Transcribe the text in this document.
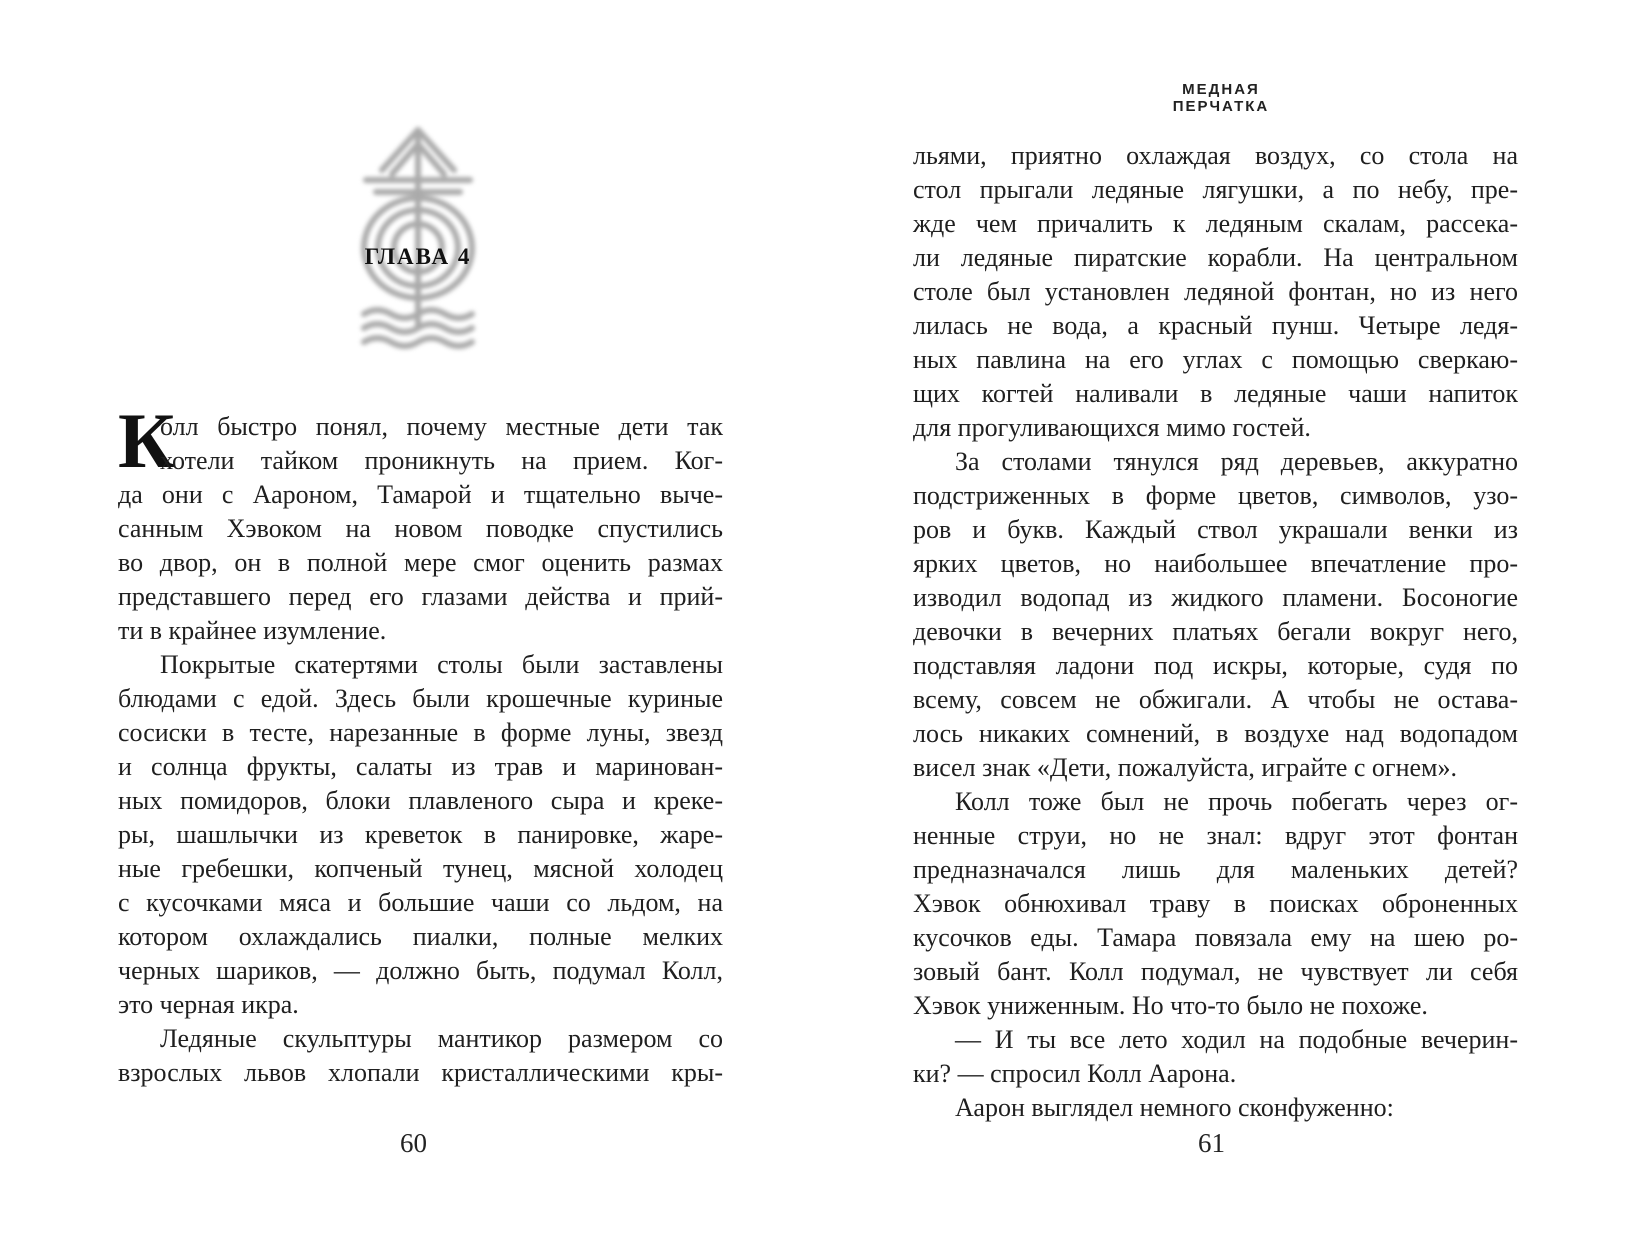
ГЛАВА 4
К
олл быстро понял, почему местные дети так
хотели тайком проникнуть на прием. Ког-
да они с Аароном, Тамарой и тщательно выче-
санным Хэвоком на новом поводке спустились
во двор, он в полной мере смог оценить размах
представшего перед его глазами действа и прий-
ти в крайнее изумление.
Покрытые скатертями столы были заставлены
блюдами с едой. Здесь были крошечные куриные
сосиски в тесте, нарезанные в форме луны, звезд
и солнца фрукты, салаты из трав и маринован-
ных помидоров, блоки плавленого сыра и креке-
ры, шашлычки из креветок в панировке, жаре-
ные гребешки, копченый тунец, мясной холодец
с кусочками мяса и большие чаши со льдом, на
котором охлаждались пиалки, полные мелких
черных шариков, — должно быть, подумал Колл,
это черная икра.
Ледяные скульптуры мантикор размером со
взрослых львов хлопали кристаллическими кры-
60
МЕДНАЯ ПЕРЧАТКА
льями, приятно охлаждая воздух, со стола на
стол прыгали ледяные лягушки, а по небу, пре-
жде чем причалить к ледяным скалам, рассека-
ли ледяные пиратские корабли. На центральном
столе был установлен ледяной фонтан, но из него
лилась не вода, а красный пунш. Четыре ледя-
ных павлина на его углах с помощью сверкаю-
щих когтей наливали в ледяные чаши напиток
для прогуливающихся мимо гостей.
За столами тянулся ряд деревьев, аккуратно
подстриженных в форме цветов, символов, узо-
ров и букв. Каждый ствол украшали венки из
ярких цветов, но наибольшее впечатление про-
изводил водопад из жидкого пламени. Босоногие
девочки в вечерних платьях бегали вокруг него,
подставляя ладони под искры, которые, судя по
всему, совсем не обжигали. А чтобы не остава-
лось никаких сомнений, в воздухе над водопадом
висел знак «Дети, пожалуйста, играйте с огнем».
Колл тоже был не прочь побегать через ог-
ненные струи, но не знал: вдруг этот фонтан
предназначался лишь для маленьких детей?
Хэвок обнюхивал траву в поисках оброненных
кусочков еды. Тамара повязала ему на шею ро-
зовый бант. Колл подумал, не чувствует ли себя
Хэвок униженным. Но что-то было не похоже.
— И ты все лето ходил на подобные вечерин-
ки? — спросил Колл Аарона.
Аарон выглядел немного сконфуженно:
61
